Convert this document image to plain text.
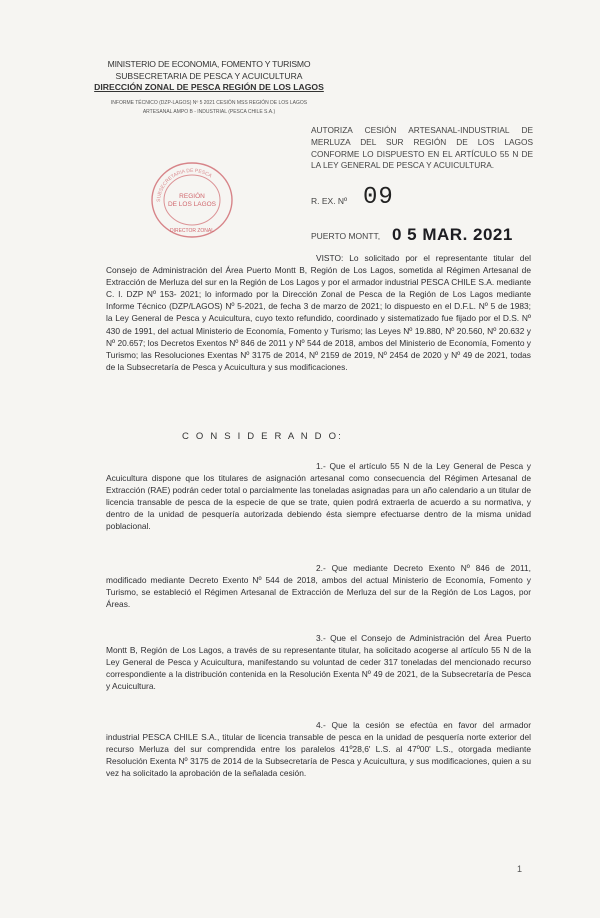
MINISTERIO DE ECONOMIA, FOMENTO Y TURISMO
SUBSECRETARIA DE PESCA Y ACUICULTURA
DIRECCIÓN ZONAL DE PESCA REGIÓN DE LOS LAGOS
INFORME TÉCNICO (DZP-LAGOS) Nº 5 2021 CESIÓN MSS REGIÓN DE LOS LAGOS
ARTESANAL AMPO B - INDUSTRIAL (PESCA CHILE S.A.)
AUTORIZA CESIÓN ARTESANAL-INDUSTRIAL DE MERLUZA DEL SUR REGIÓN DE LOS LAGOS CONFORME LO DISPUESTO EN EL ARTÍCULO 55 N DE LA LEY GENERAL DE PESCA Y ACUICULTURA.
R. EX. Nº 09
PUERTO MONTT, 0 5 MAR. 2021
SUBSECRETARIA DE PESCA
REGIÓN
DE LOS LAGOS
DIRECTOR ZONAL

VISTO: Lo solicitado por el representante titular del Consejo de Administración del Área Puerto Montt B, Región de Los Lagos, sometida al Régimen Artesanal de Extracción de Merluza del sur en la Región de Los Lagos y por el armador industrial PESCA CHILE S.A. mediante C. I. DZP Nº 153- 2021; lo informado por la Dirección Zonal de Pesca de la Región de Los Lagos mediante Informe Técnico (DZP/LAGOS) Nº 5-2021, de fecha 3 de marzo de 2021; lo dispuesto en el D.F.L. Nº 5 de 1983; la Ley General de Pesca y Acuicultura, cuyo texto refundido, coordinado y sistematizado fue fijado por el D.S. Nº 430 de 1991, del actual Ministerio de Economía, Fomento y Turismo; las Leyes Nº 19.880, Nº 20.560, Nº 20.632 y Nº 20.657; los Decretos Exentos Nº 846 de 2011 y Nº 544 de 2018, ambos del Ministerio de Economía, Fomento y Turismo; las Resoluciones Exentas Nº 3175 de 2014, Nº 2159 de 2019, Nº 2454 de 2020 y Nº 49 de 2021, todas de la Subsecretaría de Pesca y Acuicultura y sus modificaciones.

C O N S I D E R A N D O:

1.- Que el artículo 55 N de la Ley General de Pesca y Acuicultura dispone que los titulares de asignación artesanal como consecuencia del Régimen Artesanal de Extracción (RAE) podrán ceder total o parcialmente las toneladas asignadas para un año calendario a un titular de licencia transable de pesca de la especie de que se trate, quien podrá extraerla de acuerdo a su normativa, y dentro de la unidad de pesquería autorizada debiendo ésta siempre efectuarse dentro de la misma unidad poblacional.

2.- Que mediante Decreto Exento Nº 846 de 2011, modificado mediante Decreto Exento Nº 544 de 2018, ambos del actual Ministerio de Economía, Fomento y Turismo, se estableció el Régimen Artesanal de Extracción de Merluza del sur de la Región de Los Lagos, por Áreas.

3.- Que el Consejo de Administración del Área Puerto Montt B, Región de Los Lagos, a través de su representante titular, ha solicitado acogerse al artículo 55 N de la Ley General de Pesca y Acuicultura, manifestando su voluntad de ceder 317 toneladas del mencionado recurso correspondiente a la distribución contenida en la Resolución Exenta Nº 49 de 2021, de la Subsecretaría de Pesca y Acuicultura.

4.- Que la cesión se efectúa en favor del armador industrial PESCA CHILE S.A., titular de licencia transable de pesca en la unidad de pesquería norte exterior del recurso Merluza del sur comprendida entre los paralelos 41º28,6' L.S. al 47º00' L.S., otorgada mediante Resolución Exenta Nº 3175 de 2014 de la Subsecretaría de Pesca y Acuicultura, y sus modificaciones, quien a su vez ha solicitado la aprobación de la señalada cesión.

1
